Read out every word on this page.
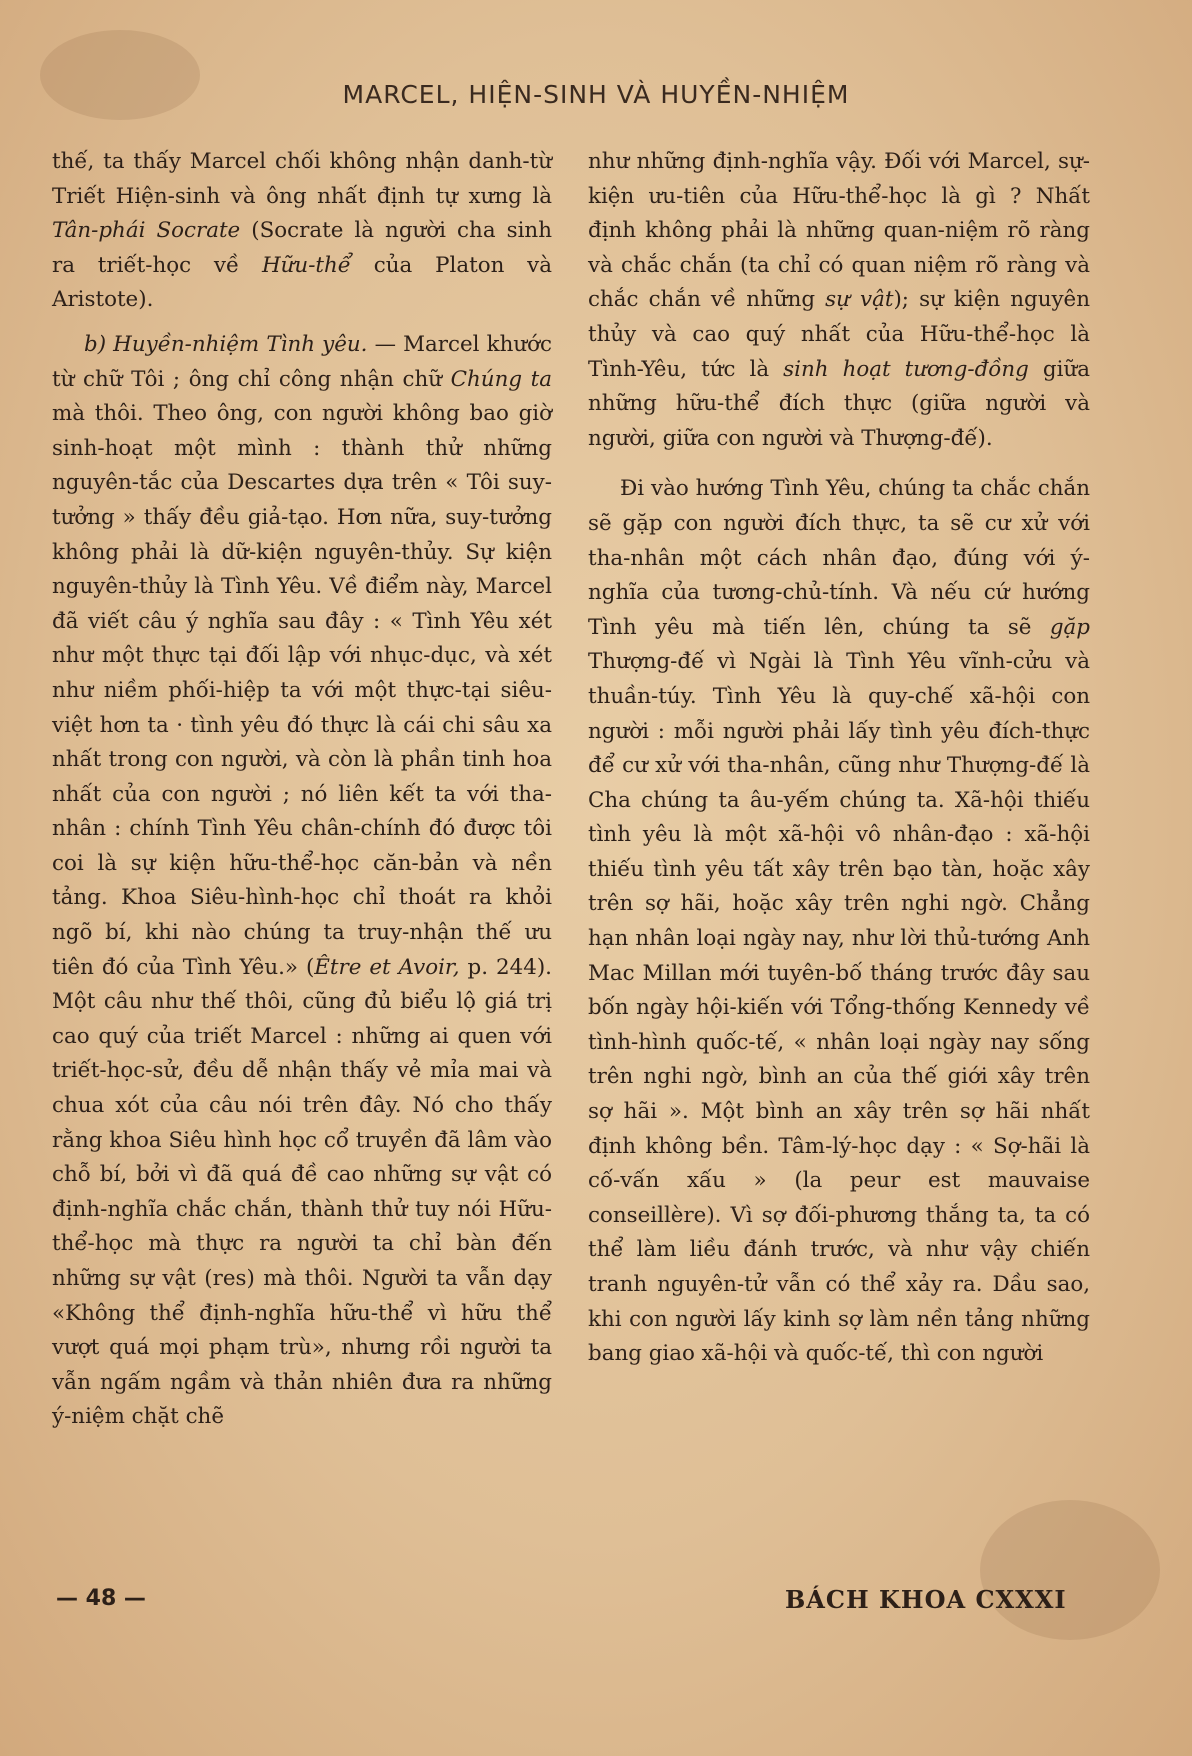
MARCEL, HIỆN-SINH VÀ HUYỀN-NHIỆM

thế, ta thấy Marcel chối không nhận danh-từ Triết Hiện-sinh và ông nhất định tự xưng là Tân-phái Socrate (Socrate là người cha sinh ra triết-học về Hữu-thể của Platon và Aristote).

b) Huyền-nhiệm Tình yêu. — Marcel khước từ chữ Tôi ; ông chỉ công nhận chữ Chúng ta mà thôi. Theo ông, con người không bao giờ sinh-hoạt một mình : thành thử những nguyên-tắc của Descartes dựa trên « Tôi suy-tưởng » thấy đều giả-tạo. Hơn nữa, suy-tưởng không phải là dữ-kiện nguyên-thủy. Sự kiện nguyên-thủy là Tình Yêu. Về điểm này, Marcel đã viết câu ý nghĩa sau đây : « Tình Yêu xét như một thực tại đối lập với nhục-dục, và xét như niềm phối-hiệp ta với một thực-tại siêu-việt hơn ta · tình yêu đó thực là cái chi sâu xa nhất trong con người, và còn là phần tinh hoa nhất của con người ; nó liên kết ta với tha-nhân : chính Tình Yêu chân-chính đó được tôi coi là sự kiện hữu-thể-học căn-bản và nền tảng. Khoa Siêu-hình-học chỉ thoát ra khỏi ngõ bí, khi nào chúng ta truy-nhận thế ưu tiên đó của Tình Yêu.» (Être et Avoir, p. 244). Một câu như thế thôi, cũng đủ biểu lộ giá trị cao quý của triết Marcel : những ai quen với triết-học-sử, đều dễ nhận thấy vẻ mỉa mai và chua xót của câu nói trên đây. Nó cho thấy rằng khoa Siêu hình học cổ truyền đã lâm vào chỗ bí, bởi vì đã quá đề cao những sự vật có định-nghĩa chắc chắn, thành thử tuy nói Hữu-thể-học mà thực ra người ta chỉ bàn đến những sự vật (res) mà thôi. Người ta vẫn dạy «Không thể định-nghĩa hữu-thể vì hữu thể vượt quá mọi phạm trù», nhưng rồi người ta vẫn ngấm ngầm và thản nhiên đưa ra những ý-niệm chặt chẽ

như những định-nghĩa vậy. Đối với Marcel, sự-kiện ưu-tiên của Hữu-thể-học là gì ? Nhất định không phải là những quan-niệm rõ ràng và chắc chắn (ta chỉ có quan niệm rõ ràng và chắc chắn về những sự vật); sự kiện nguyên thủy và cao quý nhất của Hữu-thể-học là Tình-Yêu, tức là sinh hoạt tương-đồng giữa những hữu-thể đích thực (giữa người và người, giữa con người và Thượng-đế).

Đi vào hướng Tình Yêu, chúng ta chắc chắn sẽ gặp con người đích thực, ta sẽ cư xử với tha-nhân một cách nhân đạo, đúng với ý-nghĩa của tương-chủ-tính. Và nếu cứ hướng Tình yêu mà tiến lên, chúng ta sẽ gặp Thượng-đế vì Ngài là Tình Yêu vĩnh-cửu và thuần-túy. Tình Yêu là quy-chế xã-hội con người : mỗi người phải lấy tình yêu đích-thực để cư xử với tha-nhân, cũng như Thượng-đế là Cha chúng ta âu-yếm chúng ta. Xã-hội thiếu tình yêu là một xã-hội vô nhân-đạo : xã-hội thiếu tình yêu tất xây trên bạo tàn, hoặc xây trên sợ hãi, hoặc xây trên nghi ngờ. Chẳng hạn nhân loại ngày nay, như lời thủ-tướng Anh Mac Millan mới tuyên-bố tháng trước đây sau bốn ngày hội-kiến với Tổng-thống Kennedy về tình-hình quốc-tế, « nhân loại ngày nay sống trên nghi ngờ, bình an của thế giới xây trên sợ hãi ». Một bình an xây trên sợ hãi nhất định không bền. Tâm-lý-học dạy : « Sợ-hãi là cố-vấn xấu » (la peur est mauvaise conseillère). Vì sợ đối-phương thắng ta, ta có thể làm liều đánh trước, và như vậy chiến tranh nguyên-tử vẫn có thể xảy ra. Dầu sao, khi con người lấy kinh sợ làm nền tảng những bang giao xã-hội và quốc-tế, thì con người

— 48 —	BÁCH KHOA CXXXI
